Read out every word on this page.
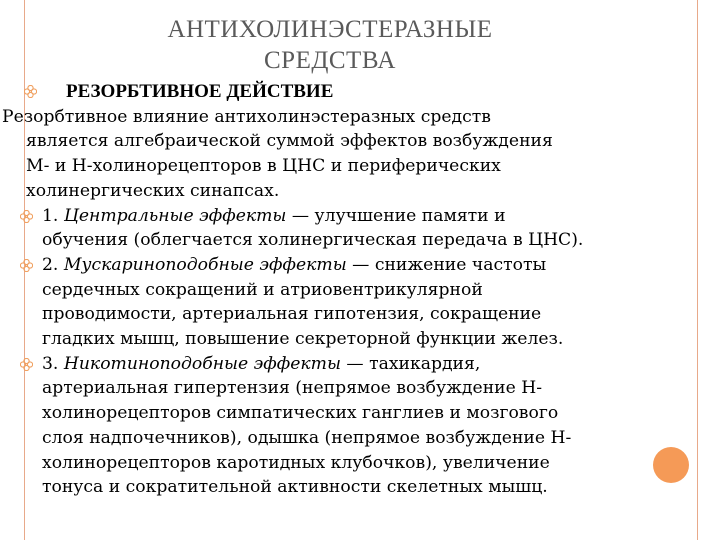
АНТИХОЛИНЭСТЕРАЗНЫЕ
СРЕДСТВА
РЕЗОРБТИВНОЕ ДЕЙСТВИЕ
Резорбтивное влияние антихолинэстеразных средств
является алгебраической суммой эффектов возбуждения
М- и Н-холинорецепторов в ЦНС и периферических
холинергических синапсах.
1. Центральные эффекты — улучшение памяти и
обучения (облегчается холинергическая передача в ЦНС).
2. Мускариноподобные эффекты — снижение частоты
сердечных сокращений и атриовентрикулярной
проводимости, артериальная гипотензия, сокращение
гладких мышц, повышение секреторной функции желез.
3. Никотиноподобные эффекты — тахикардия,
артериальная гипертензия (непрямое возбуждение Н-
холинорецепторов симпатических ганглиев и мозгового
слоя надпочечников), одышка (непрямое возбуждение Н-
холинорецепторов каротидных клубочков), увеличение
тонуса и сократительной активности скелетных мышц.
